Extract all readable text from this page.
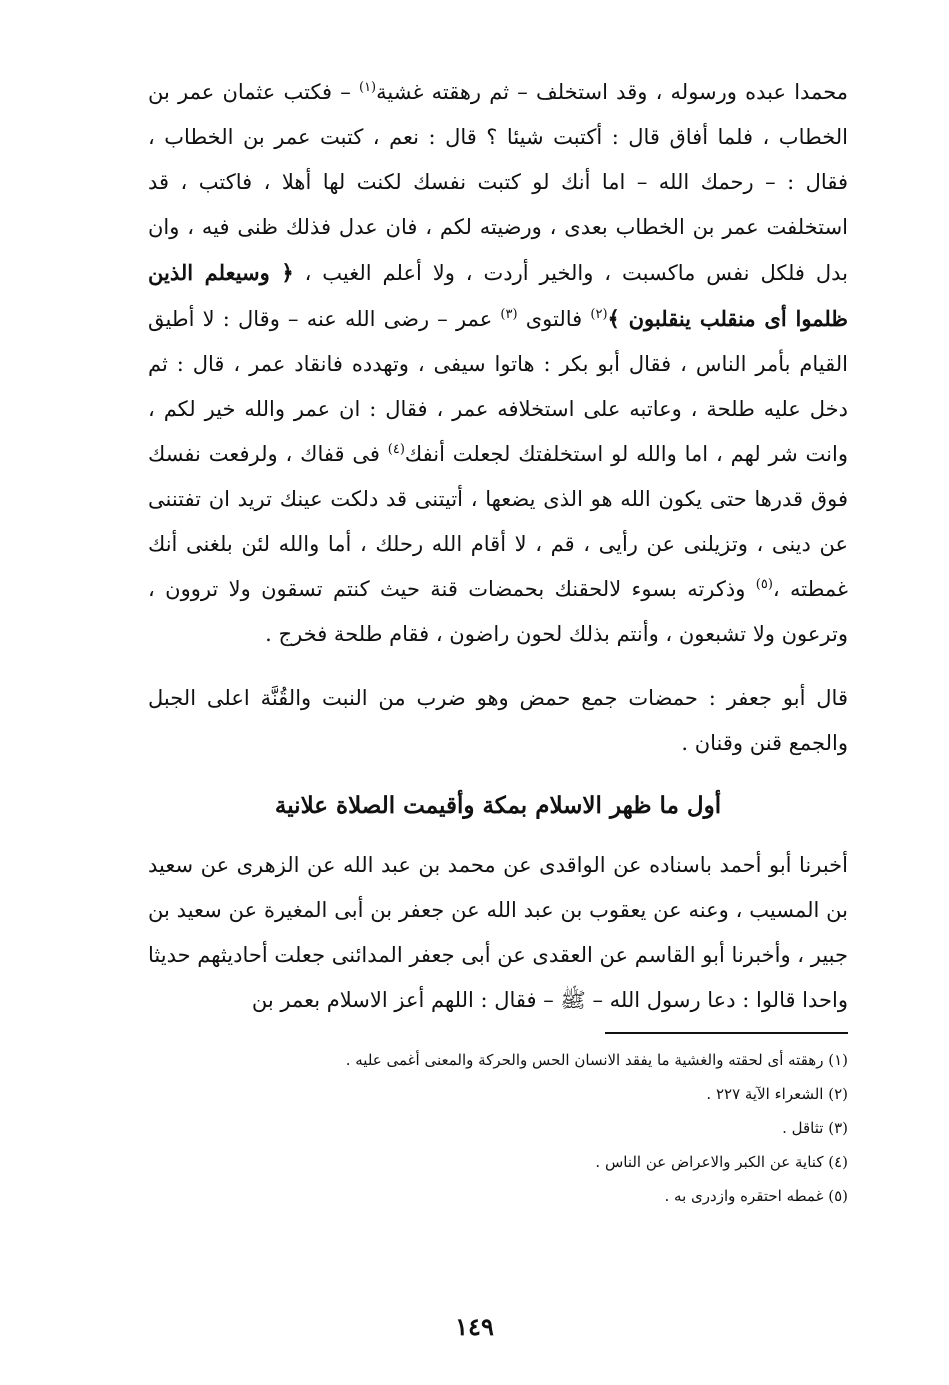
محمدا عبده ورسوله ، وقد استخلف – ثم رهقته غشية$^{(١)}$ – فكتب عثمان عمر بن الخطاب ، فلما أفاق قال : أكتبت شيئا ؟ قال : نعم ، كتبت عمر بن الخطاب ، فقال : – رحمك الله – اما أنك لو كتبت نفسك لكنت لها أهلا ، فاكتب ، قد استخلفت عمر بن الخطاب بعدى ، ورضيته لكم ، فان عدل فذلك ظنى فيه ، وان بدل فلكل نفس ماكسبت ، والخير أردت ، ولا أعلم الغيب ، ﴿ وسيعلم الذين ظلموا أى منقلب ينقلبون ﴾$^{(٢)}$ فالتوى $^{(٣)}$ عمر – رضى الله عنه – وقال : لا أطيق القيام بأمر الناس ، فقال أبو بكر : هاتوا سيفى ، وتهدده فانقاد عمر ، قال : ثم دخل عليه طلحة ، وعاتبه على استخلافه عمر ، فقال : ان عمر والله خير لكم ، وانت شر لهم ، اما والله لو استخلفتك لجعلت أنفك$^{(٤)}$ فى قفاك ، ولرفعت نفسك فوق قدرها حتى يكون الله هو الذى يضعها ، أتيتنى قد دلكت عينك تريد ان تفتننى عن دينى ، وتزيلنى عن رأيى ، قم ، لا أقام الله رحلك ، أما والله لئن بلغنى أنك غمطته ،$^{(٥)}$ وذكرته بسوء لالحقنك بحمضات قنة حيث كنتم تسقون ولا تروون ، وترعون ولا تشبعون ، وأنتم بذلك لحون راضون ، فقام طلحة فخرج .

قال أبو جعفر : حمضات جمع حمض وهو ضرب من النبت والقُنَّة اعلى الجبل والجمع قنن وقنان .

أول ما ظهر الاسلام بمكة وأقيمت الصلاة علانية

أخبرنا أبو أحمد باسناده عن الواقدى عن محمد بن عبد الله عن الزهرى عن سعيد بن المسيب ، وعنه عن يعقوب بن عبد الله عن جعفر بن أبى المغيرة عن سعيد بن جبير ، وأخبرنا أبو القاسم عن العقدى عن أبى جعفر المدائنى جعلت أحاديثهم حديثا واحدا قالوا : دعا رسول الله – ﷺ – فقال : اللهم أعز الاسلام بعمر بن

(١) رهقته أى لحقته والغشية ما يفقد الانسان الحس والحركة والمعنى أغمى عليه .
(٢) الشعراء الآية ٢٢٧ .
(٣) تثاقل .
(٤) كناية عن الكبر والاعراض عن الناس .
(٥) غمطه احتقره وازدرى به .
١٤٩
